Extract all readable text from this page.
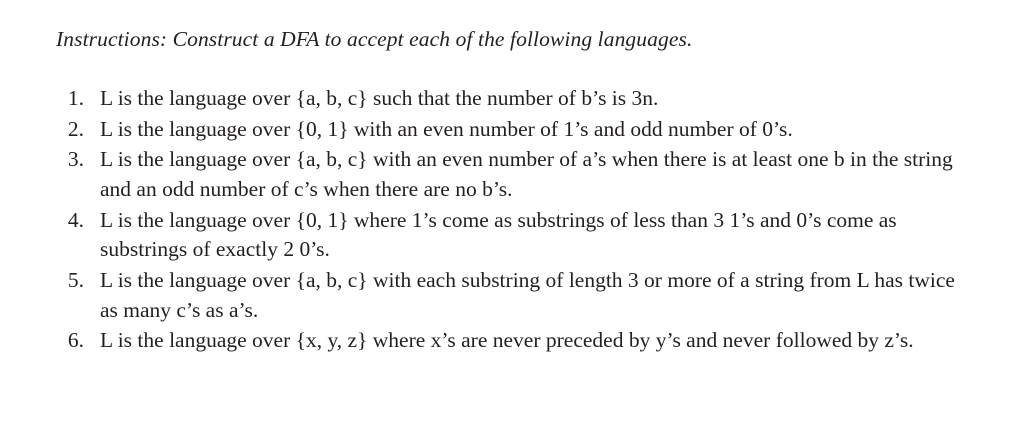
Instructions: Construct a DFA to accept each of the following languages.

1. L is the language over {a, b, c} such that the number of b’s is 3n.
2. L is the language over {0, 1} with an even number of 1’s and odd number of 0’s.
3. L is the language over {a, b, c} with an even number of a’s when there is at least one b in the string and an odd number of c’s when there are no b’s.
4. L is the language over {0, 1} where 1’s come as substrings of less than 3 1’s and 0’s come as substrings of exactly 2 0’s.
5. L is the language over {a, b, c} with each substring of length 3 or more of a string from L has twice as many c’s as a’s.
6. L is the language over {x, y, z} where x’s are never preceded by y’s and never followed by z’s.
